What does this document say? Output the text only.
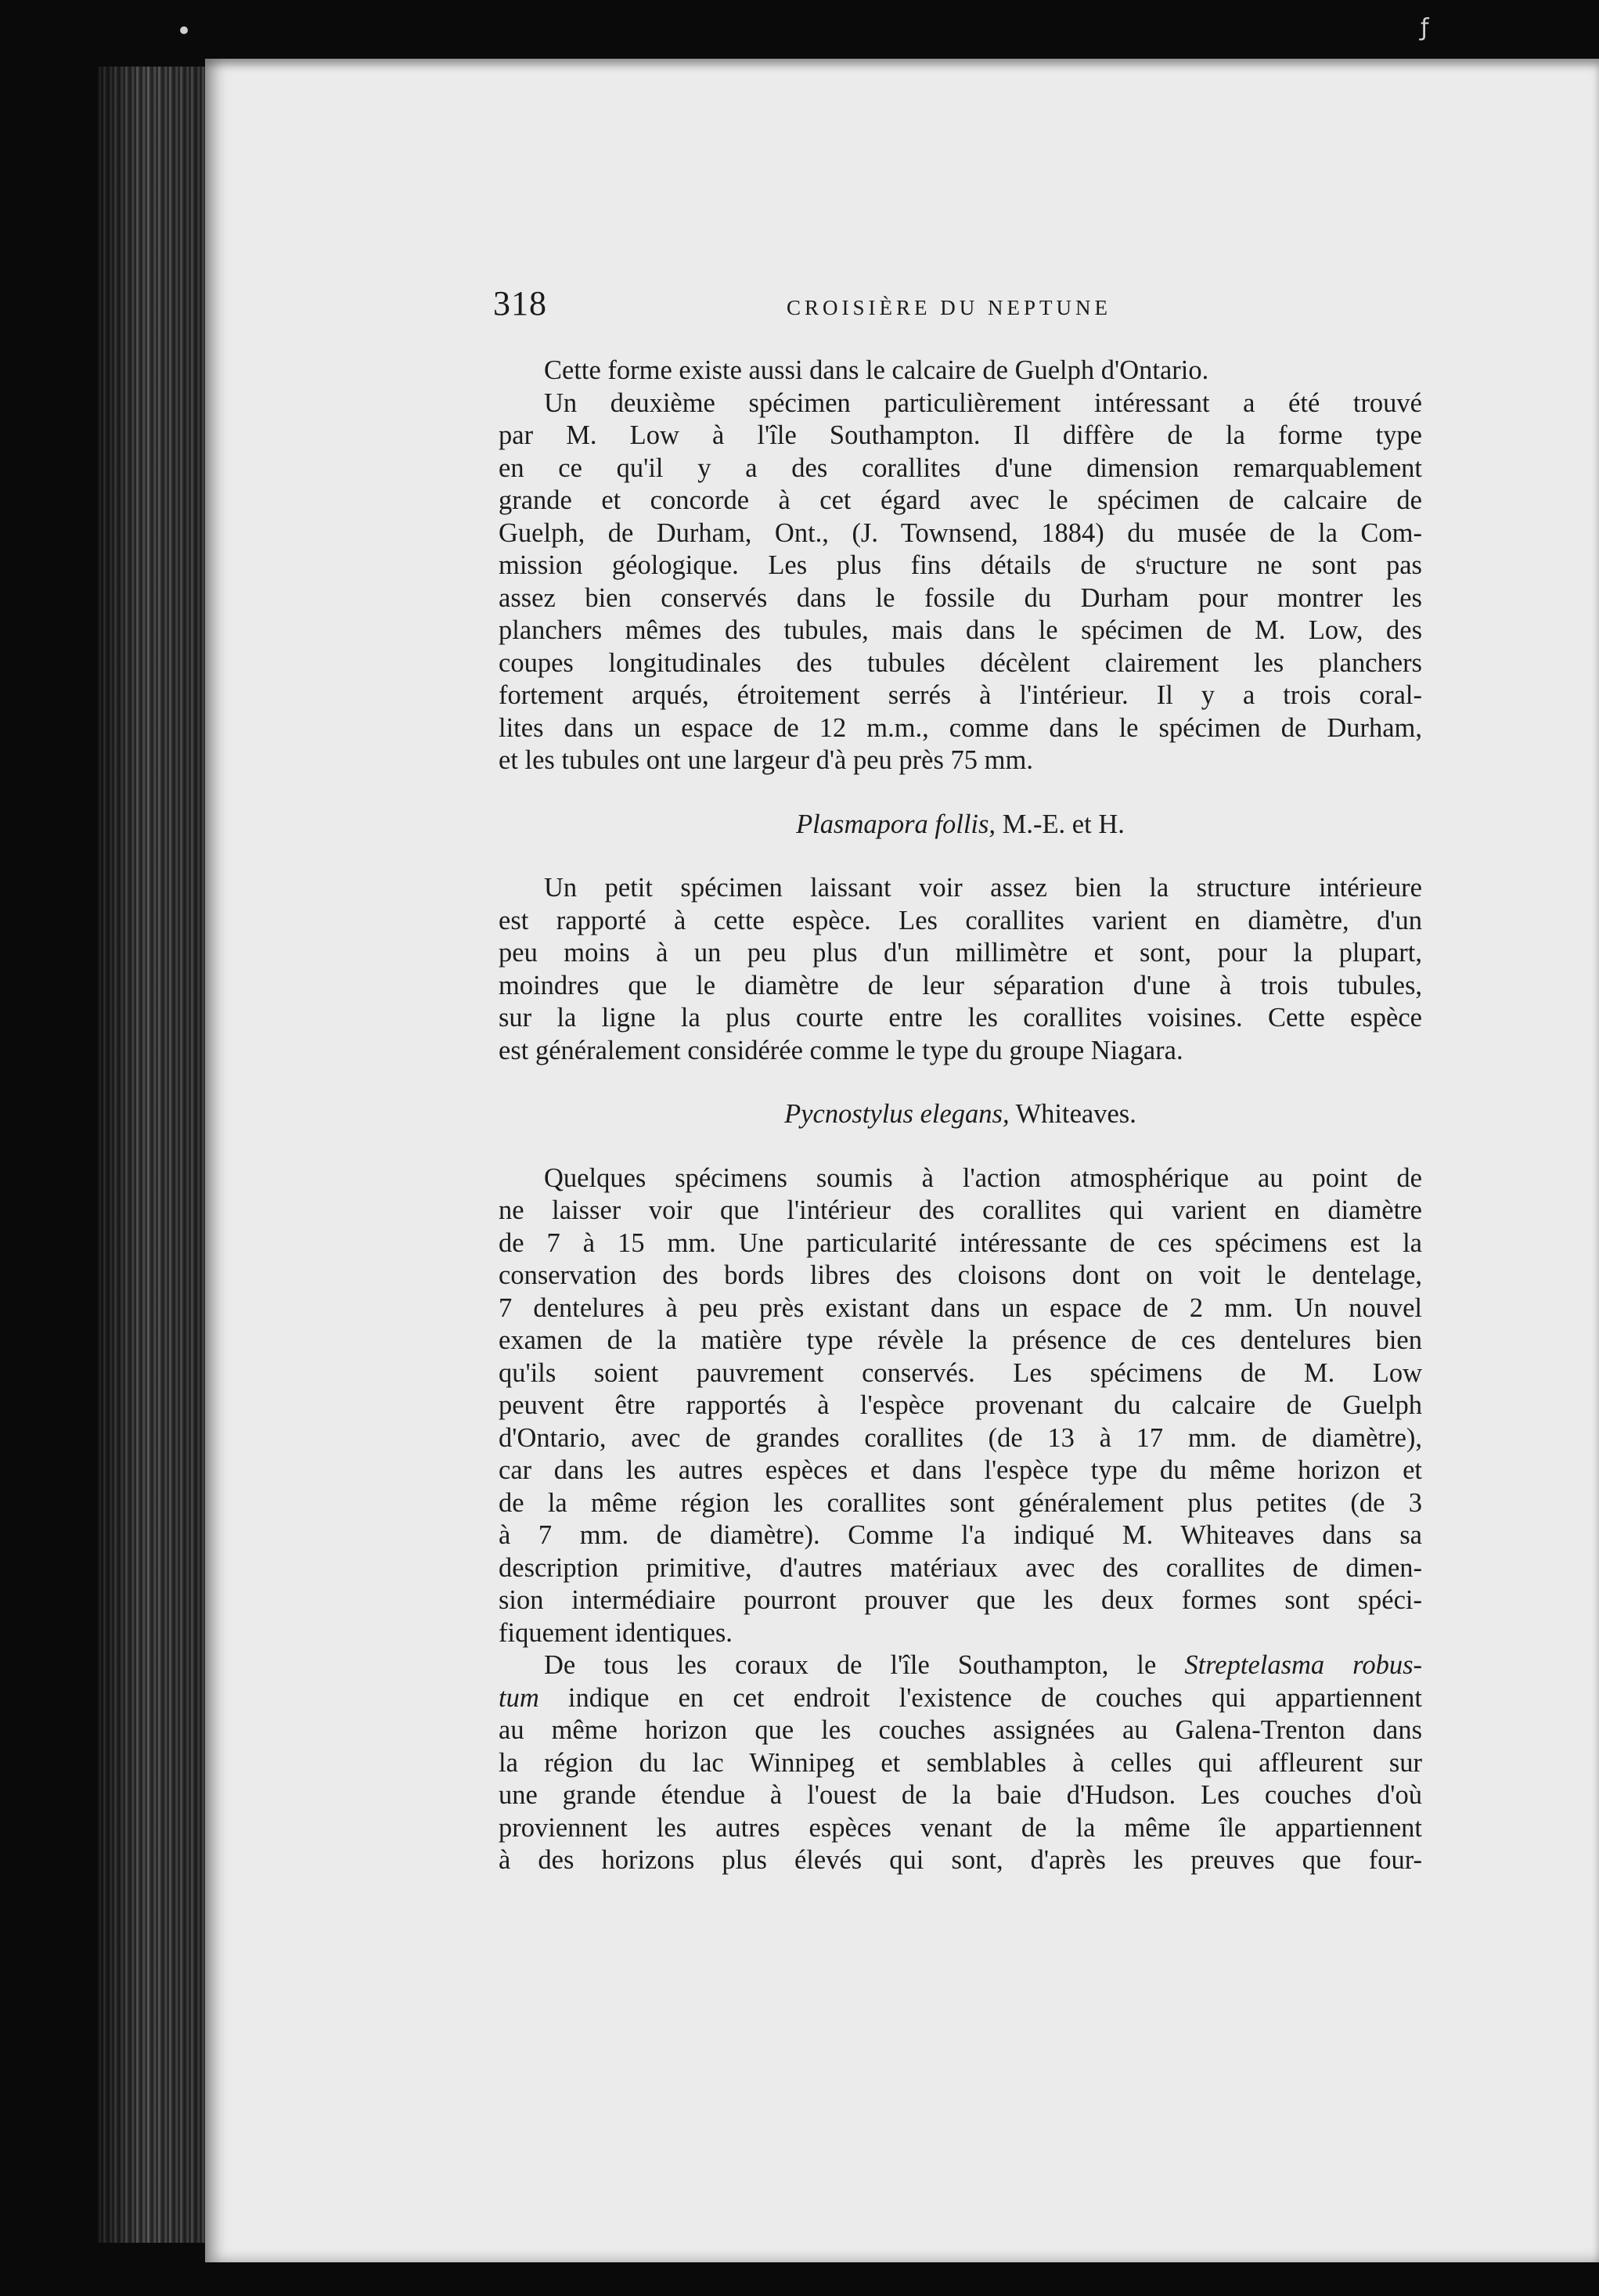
•	ƒ
318	CROISIÈRE DU NEPTUNE
Cette forme existe aussi dans le calcaire de Guelph d'Ontario.
Un deuxième spécimen particulièrement intéressant a été trouvé
par M. Low à l'île Southampton. Il diffère de la forme type
en ce qu'il y a des corallites d'une dimension remarquablement
grande et concorde à cet égard avec le spécimen de calcaire de
Guelph, de Durham, Ont., (J. Townsend, 1884) du musée de la Com-
mission géologique. Les plus fins détails de sᵗructure ne sont pas
assez bien conservés dans le fossile du Durham pour montrer les
planchers mêmes des tubules, mais dans le spécimen de M. Low, des
coupes longitudinales des tubules décèlent clairement les planchers
fortement arqués, étroitement serrés à l'intérieur. Il y a trois coral-
lites dans un espace de 12 m.m., comme dans le spécimen de Durham,
et les tubules ont une largeur d'à peu près 75 mm.
Plasmapora follis, M.-E. et H.
Un petit spécimen laissant voir assez bien la structure intérieure
est rapporté à cette espèce. Les corallites varient en diamètre, d'un
peu moins à un peu plus d'un millimètre et sont, pour la plupart,
moindres que le diamètre de leur séparation d'une à trois tubules,
sur la ligne la plus courte entre les corallites voisines. Cette espèce
est généralement considérée comme le type du groupe Niagara.
Pycnostylus elegans, Whiteaves.
Quelques spécimens soumis à l'action atmosphérique au point de
ne laisser voir que l'intérieur des corallites qui varient en diamètre
de 7 à 15 mm. Une particularité intéressante de ces spécimens est la
conservation des bords libres des cloisons dont on voit le dentelage,
7 dentelures à peu près existant dans un espace de 2 mm. Un nouvel
examen de la matière type révèle la présence de ces dentelures bien
qu'ils soient pauvrement conservés. Les spécimens de M. Low
peuvent être rapportés à l'espèce provenant du calcaire de Guelph
d'Ontario, avec de grandes corallites (de 13 à 17 mm. de diamètre),
car dans les autres espèces et dans l'espèce type du même horizon et
de la même région les corallites sont généralement plus petites (de 3
à 7 mm. de diamètre). Comme l'a indiqué M. Whiteaves dans sa
description primitive, d'autres matériaux avec des corallites de dimen-
sion intermédiaire pourront prouver que les deux formes sont spéci-
fiquement identiques.
De tous les coraux de l'île Southampton, le Streptelasma robus-
tum indique en cet endroit l'existence de couches qui appartiennent
au même horizon que les couches assignées au Galena-Trenton dans
la région du lac Winnipeg et semblables à celles qui affleurent sur
une grande étendue à l'ouest de la baie d'Hudson. Les couches d'où
proviennent les autres espèces venant de la même île appartiennent
à des horizons plus élevés qui sont, d'après les preuves que four-
